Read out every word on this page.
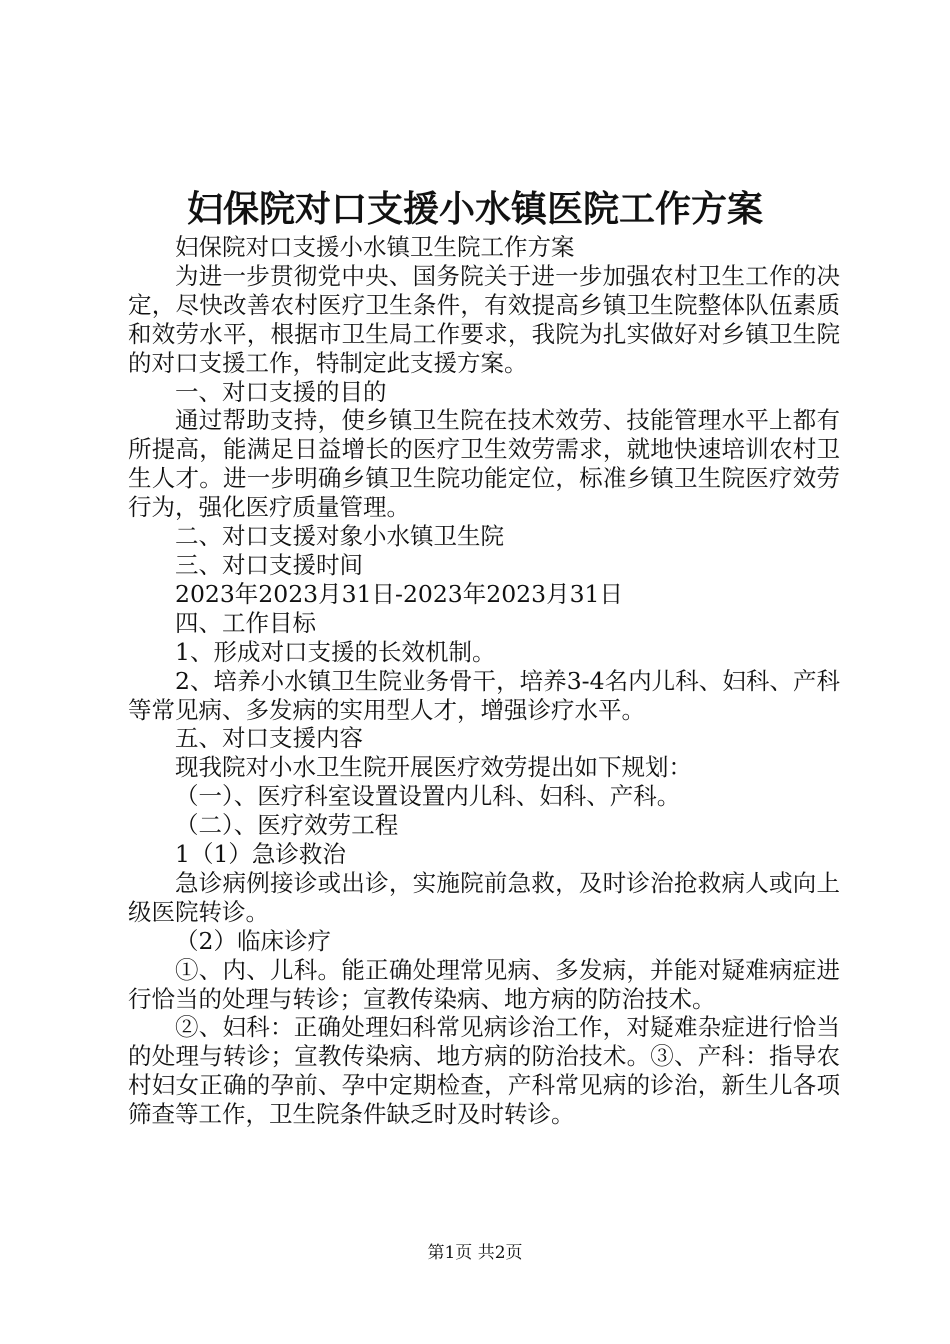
妇保院对口支援小水镇医院工作方案

妇保院对口支援小水镇卫生院工作方案

为进一步贯彻党中央、国务院关于进一步加强农村卫生工作的决定，尽快改善农村医疗卫生条件，有效提高乡镇卫生院整体队伍素质和效劳水平，根据市卫生局工作要求，我院为扎实做好对乡镇卫生院的对口支援工作，特制定此支援方案。

一、对口支援的目的

通过帮助支持，使乡镇卫生院在技术效劳、技能管理水平上都有所提高，能满足日益增长的医疗卫生效劳需求，就地快速培训农村卫生人才。进一步明确乡镇卫生院功能定位，标准乡镇卫生院医疗效劳行为，强化医疗质量管理。

二、对口支援对象小水镇卫生院

三、对口支援时间

2023年2023月31日-2023年2023月31日

四、工作目标

1、形成对口支援的长效机制。

2、培养小水镇卫生院业务骨干，培养3-4名内儿科、妇科、产科等常见病、多发病的实用型人才，增强诊疗水平。

五、对口支援内容

现我院对小水卫生院开展医疗效劳提出如下规划：

（一）、医疗科室设置设置内儿科、妇科、产科。

（二）、医疗效劳工程

1（1）急诊救治

急诊病例接诊或出诊，实施院前急救，及时诊治抢救病人或向上级医院转诊。

（2）临床诊疗

①、内、儿科。能正确处理常见病、多发病，并能对疑难病症进行恰当的处理与转诊；宣教传染病、地方病的防治技术。

②、妇科：正确处理妇科常见病诊治工作，对疑难杂症进行恰当的处理与转诊；宣教传染病、地方病的防治技术。③、产科：指导农村妇女正确的孕前、孕中定期检查，产科常见病的诊治，新生儿各项筛查等工作，卫生院条件缺乏时及时转诊。

第1页 共2页
